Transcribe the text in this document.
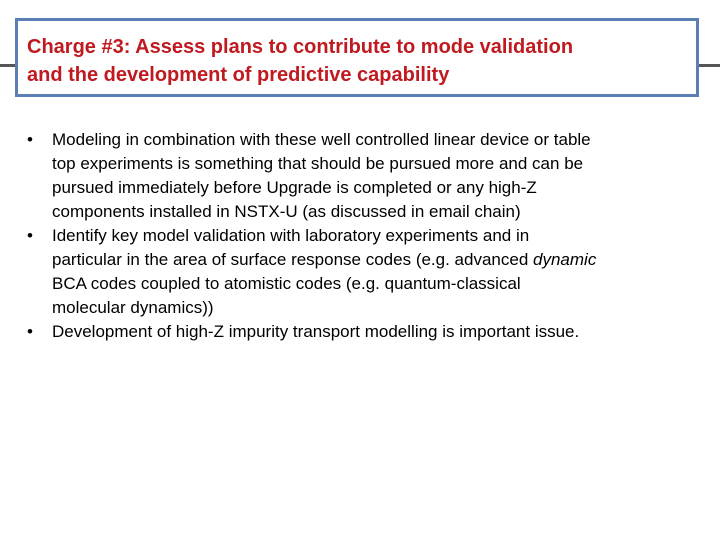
Charge #3: Assess plans to contribute to mode validation
and the development of predictive capability
• Modeling in combination with these well controlled linear device or table
top experiments is something that should be pursued more and can be
pursued immediately before Upgrade is completed or any high-Z
components installed in NSTX-U (as discussed in email chain)
• Identify key model validation with laboratory experiments and in
particular in the area of surface response codes (e.g. advanced dynamic
BCA codes coupled to atomistic codes (e.g. quantum-classical
molecular dynamics))
• Development of high-Z impurity transport modelling is important issue.
